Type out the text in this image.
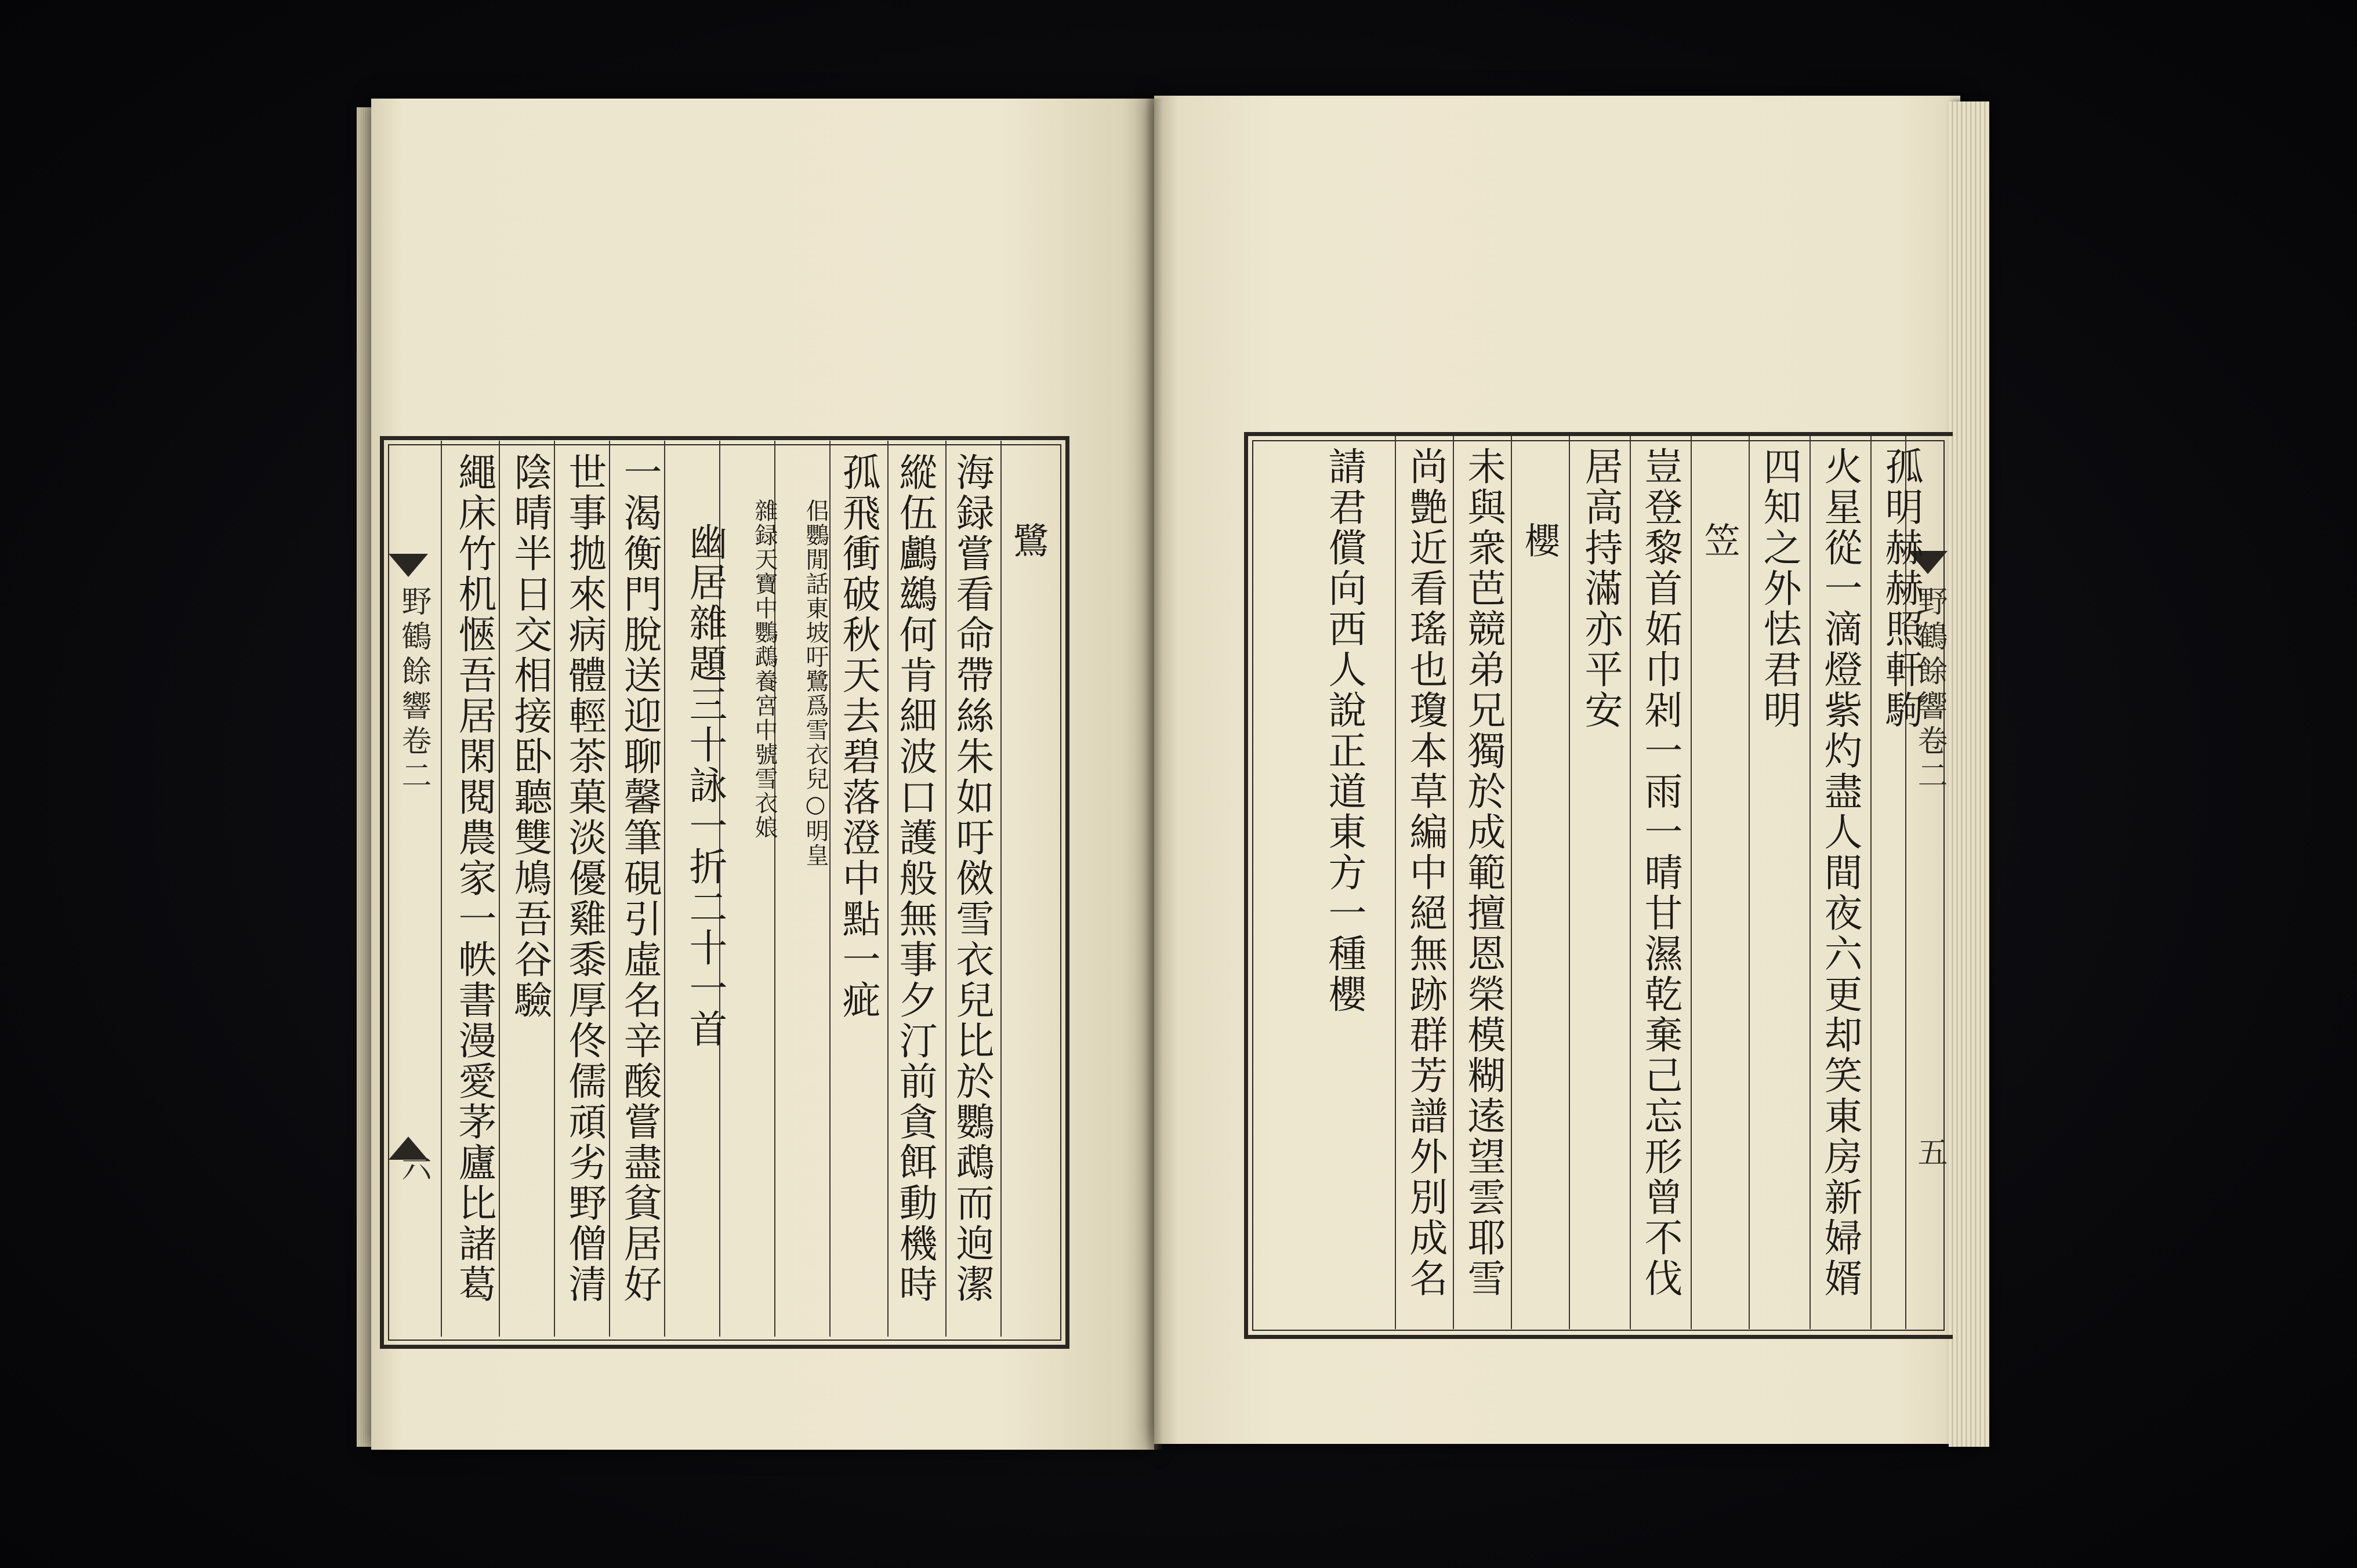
野鶴餘響卷二
六
鷺
海録嘗看命帶絲朱如吁傚雪衣兒比於鸚鵡而逈潔
縱伍鸕鷀何肯細波口護般無事夕汀前貪餌動機時
孤飛衝破秋天去碧落澄中點一疵
佀鸚閒話東坡吁鷺爲雪衣兒○明皇
雜録天寶中鸚鵡養宮中號雪衣娘
幽居雜題三十詠一折二十一首
一渴衡門脫送迎聊馨筆硯引虛名辛酸嘗盡貧居好
世事拋來病體輕茶菓淡優雞黍厚佟儒頑劣野僧清
陰晴半日交相接卧聽雙鳩吾谷驗
繩床竹机愜吾居閑閱農家一帙書漫愛茅廬比諸葛	野鶴餘響卷二
五
孤明赫赫照軒駒
火星從一滴燈紫灼盡人間夜六更却笑東房新婦婿
四知之外怯君明
笠
豈登黎首妬巾剁一雨一晴甘濕乾棄己忘形曾不伐
居高持滿亦平安
櫻
未與衆芭競弟兄獨於成範擅恩榮模糊逺望雲耶雪
尚艶近看瑤也瓊本草編中絕無跡群芳譜外別成名
請君償向西人說正道東方一種櫻
